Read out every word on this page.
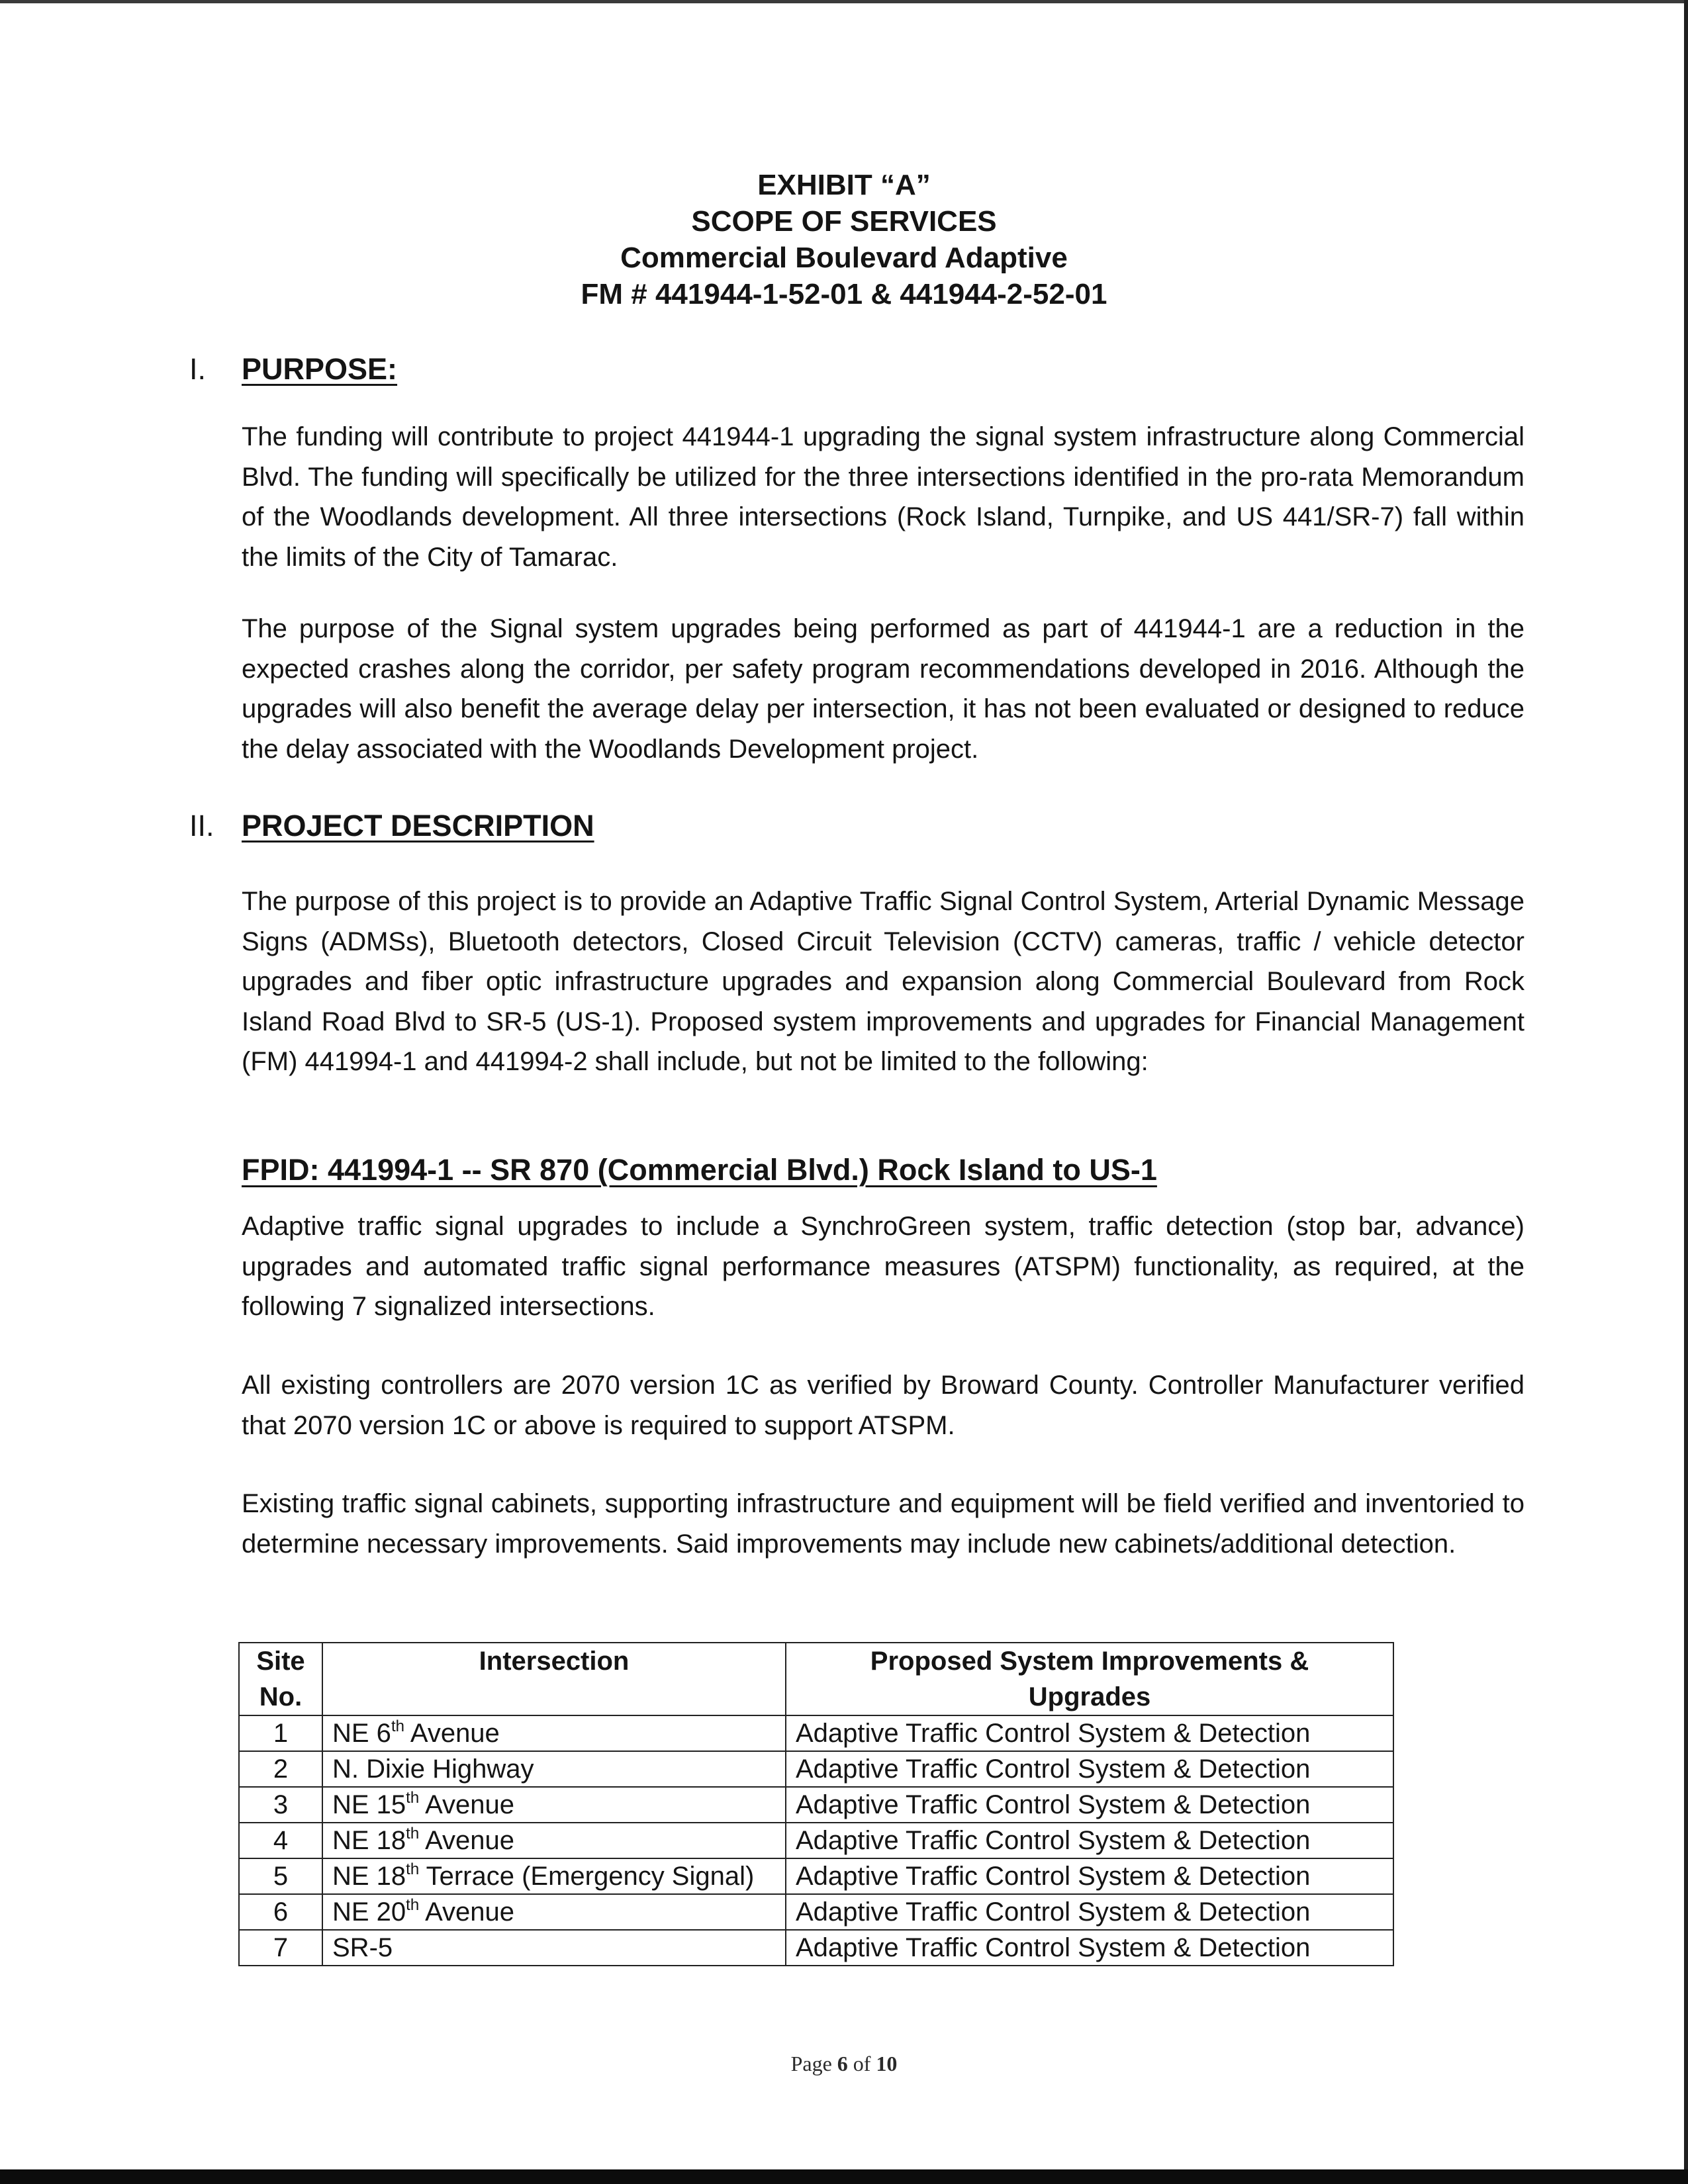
EXHIBIT “A”
SCOPE OF SERVICES
Commercial Boulevard Adaptive
FM # 441944-1-52-01 & 441944-2-52-01
I. PURPOSE:

The funding will contribute to project 441944-1 upgrading the signal system infrastructure along Commercial Blvd. The funding will specifically be utilized for the three intersections identified in the pro-rata Memorandum of the Woodlands development. All three intersections (Rock Island, Turnpike, and US 441/SR-7) fall within the limits of the City of Tamarac.

The purpose of the Signal system upgrades being performed as part of 441944-1 are a reduction in the expected crashes along the corridor, per safety program recommendations developed in 2016. Although the upgrades will also benefit the average delay per intersection, it has not been evaluated or designed to reduce the delay associated with the Woodlands Development project.

II. PROJECT DESCRIPTION

The purpose of this project is to provide an Adaptive Traffic Signal Control System, Arterial Dynamic Message Signs (ADMSs), Bluetooth detectors, Closed Circuit Television (CCTV) cameras, traffic / vehicle detector upgrades and fiber optic infrastructure upgrades and expansion along Commercial Boulevard from Rock Island Road Blvd to SR-5 (US-1). Proposed system improvements and upgrades for Financial Management (FM) 441994-1 and 441994-2 shall include, but not be limited to the following:

FPID: 441994-1 -- SR 870 (Commercial Blvd.) Rock Island to US-1

Adaptive traffic signal upgrades to include a SynchroGreen system, traffic detection (stop bar, advance) upgrades and automated traffic signal performance measures (ATSPM) functionality, as required, at the following 7 signalized intersections.

All existing controllers are 2070 version 1C as verified by Broward County. Controller Manufacturer verified that 2070 version 1C or above is required to support ATSPM.

Existing traffic signal cabinets, supporting infrastructure and equipment will be field verified and inventoried to determine necessary improvements. Said improvements may include new cabinets/additional detection.

Site
No.	Intersection	Proposed System Improvements &
Upgrades
1	NE 6th Avenue	Adaptive Traffic Control System & Detection
2	N. Dixie Highway	Adaptive Traffic Control System & Detection
3	NE 15th Avenue	Adaptive Traffic Control System & Detection
4	NE 18th Avenue	Adaptive Traffic Control System & Detection
5	NE 18th Terrace (Emergency Signal)	Adaptive Traffic Control System & Detection
6	NE 20th Avenue	Adaptive Traffic Control System & Detection
7	SR-5	Adaptive Traffic Control System & Detection
Page 6 of 10
